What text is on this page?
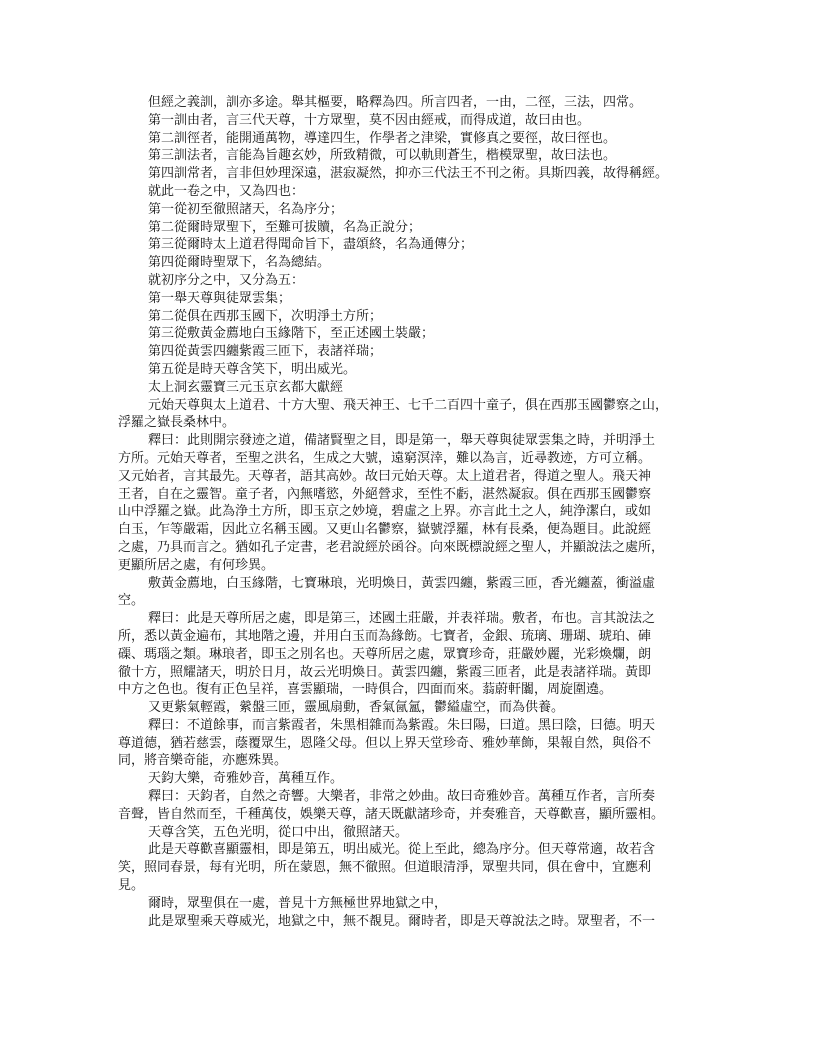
但經之義訓，訓亦多途。舉其樞要，略釋為四。所言四者，一由，二徑，三法，四常。
第一訓由者，言三代天尊，十方眾聖，莫不因由經戒，而得成道，故曰由也。
第二訓徑者，能開通萬物，導達四生，作學者之津梁，實修真之要徑，故曰徑也。
第三訓法者，言能為旨趣玄妙，所致精微，可以軌則蒼生，楷模眾聖，故曰法也。
第四訓常者，言非但妙理深遠，湛寂凝然，抑亦三代法王不刊之術。具斯四義，故得稱經。
就此一卷之中，又為四也：
第一從初至徹照諸天，名為序分；
第二從爾時眾聖下，至難可拔贖，名為正說分；
第三從爾時太上道君得聞命旨下，盡頌終，名為通傳分；
第四從爾時聖眾下，名為總結。
就初序分之中，又分為五：
第一舉天尊與徒眾雲集；
第二從俱在西那玉國下，次明淨土方所；
第三從敷黃金薦地白玉緣階下，至正述國土裝嚴；
第四從黃雲四纏紫霞三匝下，表諸祥瑞；
第五從是時天尊含笑下，明出威光。
太上洞玄靈寶三元玉京玄都大獻經
元始天尊與太上道君、十方大聖、飛天神王、七千二百四十童子，俱在西那玉國鬱察之山，
浮羅之嶽長桑林中。
釋曰：此則開宗發迹之道，備諸賢聖之目，即是第一，舉天尊與徒眾雲集之時，并明淨土
方所。元始天尊者，至聖之洪名，生成之大號，遠窮溟涬，難以為言，近尋教迹，方可立稱。
又元始者，言其最先。天尊者，語其高妙。故曰元始天尊。太上道君者，得道之聖人。飛天神
王者，自在之靈智。童子者，內無嗜慾，外絕營求，至性不虧，湛然凝寂。俱在西那玉國鬱察
山中浮羅之嶽。此為浄土方所，即玉京之妙境，碧虛之上界。亦言此土之人，純浄潔白，或如
白玉，乍等嚴霜，因此立名稱玉國。又更山名鬱察，嶽號浮羅，林有長桑，便為題目。此說經
之處，乃具而言之。猶如孔子定書，老君說經於函谷。向來既標說經之聖人，并顯說法之處所，
更顯所居之處，有何珍異。
敷黃金薦地，白玉緣階，七寶琳琅，光明煥日，黃雲四纏，紫霞三匝，香光纏蓋，衝溢虛
空。
釋曰：此是天尊所居之處，即是第三，述國土莊嚴，并表祥瑞。敷者，布也。言其說法之
所，悉以黃金遍布，其地階之邊，并用白玉而為緣飭。七寶者，金銀、琉璃、珊瑚、琥珀、硨
磲、瑪瑙之類。琳琅者，即玉之別名也。天尊所居之處，眾寶珍奇，莊嚴妙麗，光彩煥爛，朗
徹十方，照耀諸天，明於日月，故云光明煥日。黃雲四纏，紫霞三匝者，此是表諸祥瑞。黃即
中方之色也。復有正色呈祥，喜雲顯瑞，一時俱合，四面而來。蓊蔚軒闟，周旋圍遶。
又更紫氣輕霞，縈盤三匝，靈風扇動，香氣氤氳，鬱縊虛空，而為供養。
釋曰：不道餘事，而言紫霞者，朱黑相雜而為紫霞。朱曰陽，曰道。黑曰陰，曰德。明天
尊道德，猶若慈雲，蔭覆眾生，恩隆父母。但以上界天堂珍奇、雅妙華飾，果報自然，與俗不
同，將音樂奇能，亦應殊異。
天鈞大樂，奇雅妙音，萬種互作。
釋曰：天鈞者，自然之奇響。大樂者，非常之妙曲。故曰奇雅妙音。萬種互作者，言所奏
音聲，皆自然而至，千種萬伎，娛樂天尊，諸天既獻諸珍奇，并奏雅音，天尊歡喜，顯所靈相。
天尊含笑，五色光明，從口中出，徹照諸天。
此是天尊歡喜顯靈相，即是第五，明出威光。從上至此，總為序分。但天尊常適，故若含
笑，照同春景，每有光明，所在蒙恩，無不徹照。但道眼清淨，眾聖共同，俱在會中，宜應利
見。
爾時，眾聖俱在一處，普見十方無極世界地獄之中，
此是眾聖乘天尊威光，地獄之中，無不覩見。爾時者，即是天尊說法之時。眾聖者，不一
